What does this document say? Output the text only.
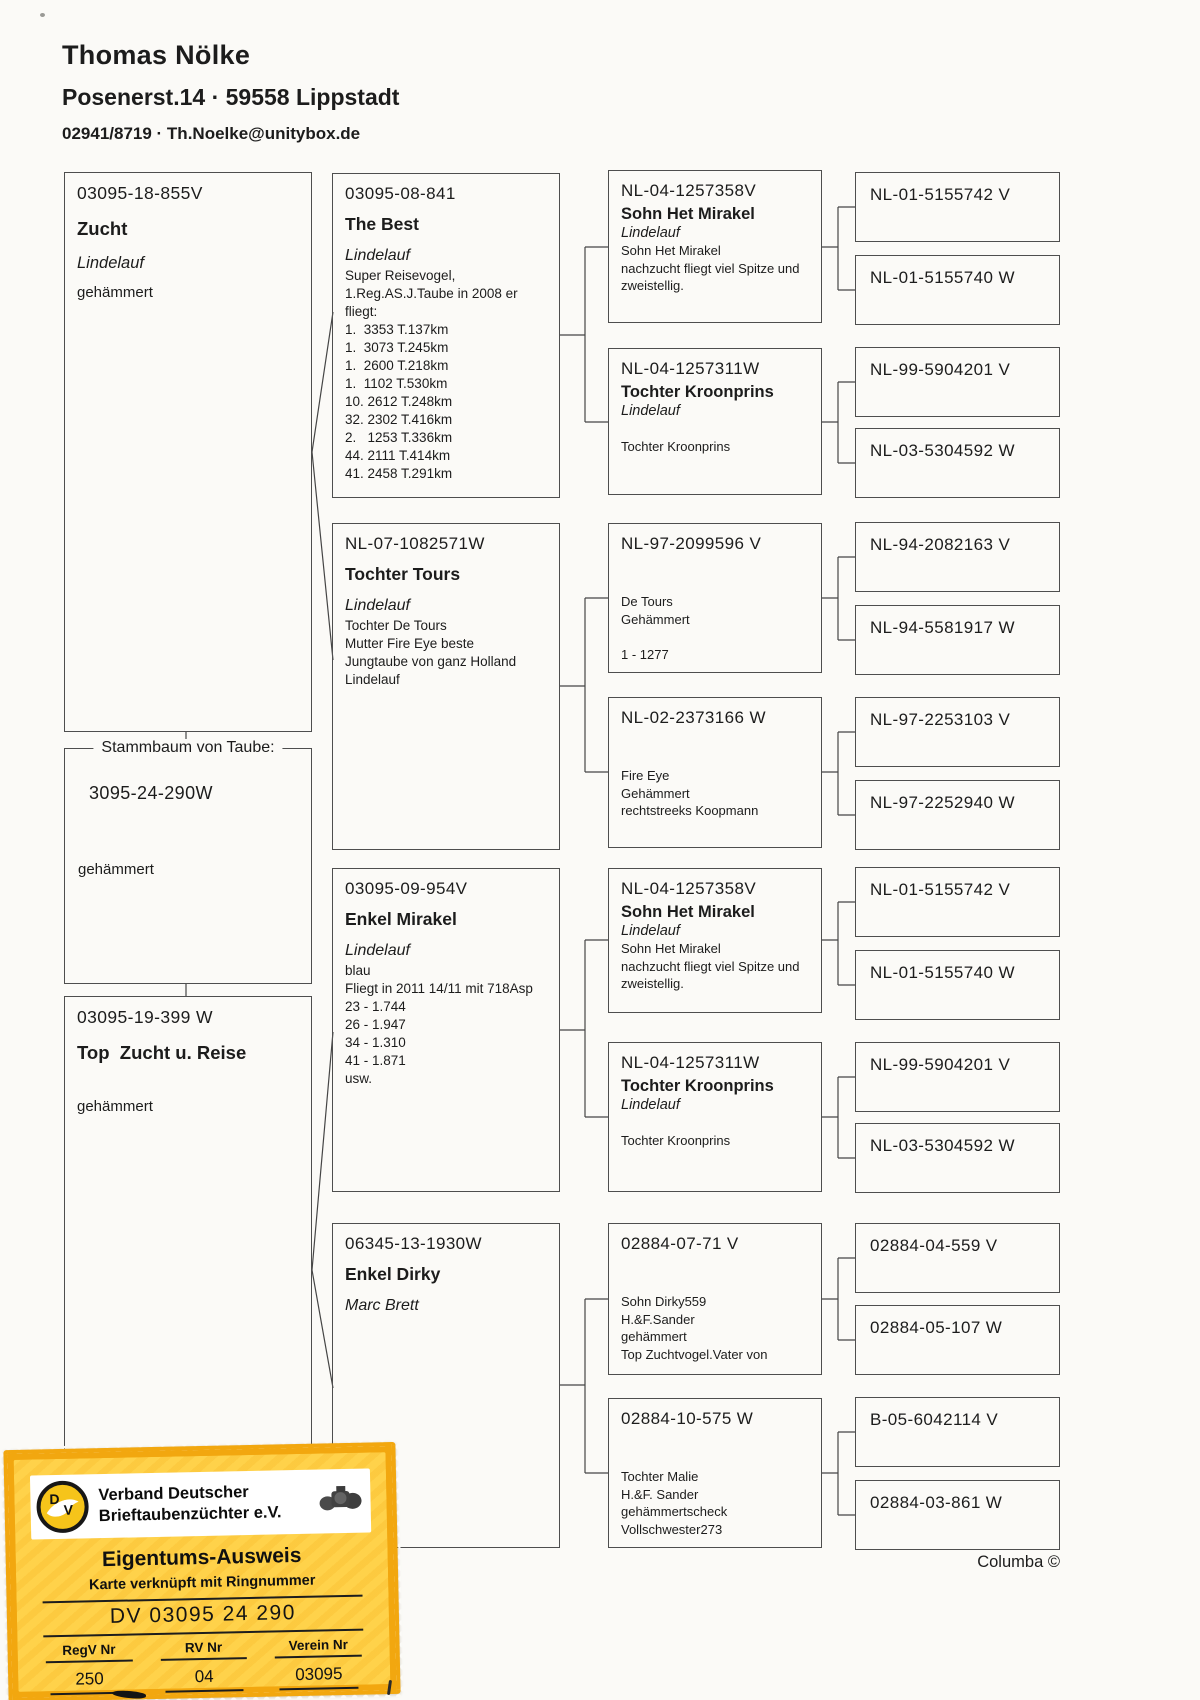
Thomas Nölke
Posenerst.14 · 59558 Lippstadt
02941/8719 · Th.Noelke@unitybox.de
03095-18-855V
Zucht
Lindelauf
gehämmert
Stammbaum von Taube:
3095-24-290W
gehämmert
03095-19-399 W
Top  Zucht u. Reise

gehämmert
03095-08-841
The Best
Lindelauf
Super Reisevogel,
1.Reg.AS.J.Taube in 2008 er
fliegt:
1.  3353 T.137km
1.  3073 T.245km
1.  2600 T.218km
1.  1102 T.530km
10. 2612 T.248km
32. 2302 T.416km
2.   1253 T.336km
44. 2111 T.414km
41. 2458 T.291km
NL-07-1082571W
Tochter Tours
Lindelauf
Tochter De Tours
Mutter Fire Eye beste
Jungtaube von ganz Holland
Lindelauf
03095-09-954V
Enkel Mirakel
Lindelauf
blau
Fliegt in 2011 14/11 mit 718Asp
23 - 1.744
26 - 1.947
34 - 1.310
41 - 1.871
usw.
06345-13-1930W
Enkel Dirky
Marc Brett
NL-04-1257358V
Sohn Het Mirakel
Lindelauf
Sohn Het Mirakel
nachzucht fliegt viel Spitze und
zweistellig.
NL-04-1257311W
Tochter Kroonprins
Lindelauf

Tochter Kroonprins
NL-97-2099596 V

De Tours
Gehämmert

1 - 1277
NL-02-2373166 W

Fire Eye
Gehämmert
rechtstreeks Koopmann
NL-04-1257358V
Sohn Het Mirakel
Lindelauf
Sohn Het Mirakel
nachzucht fliegt viel Spitze und
zweistellig.
NL-04-1257311W
Tochter Kroonprins
Lindelauf

Tochter Kroonprins
02884-07-71 V

Sohn Dirky559
H.&F.Sander
gehämmert
Top Zuchtvogel.Vater von
02884-10-575 W

Tochter Malie
H.&F. Sander
gehämmertscheck
Vollschwester273
NL-01-5155742 V
NL-01-5155740 W
NL-99-5904201 V
NL-03-5304592 W
NL-94-2082163 V
NL-94-5581917 W
NL-97-2253103 V
NL-97-2252940 W
NL-01-5155742 V
NL-01-5155740 W
NL-99-5904201 V
NL-03-5304592 W
02884-04-559 V
02884-05-107 W
B-05-6042114 V
02884-03-861 W
Columba ©
D
V
Verband Deutscher
Brieftaubenzüchter e.V.
Eigentums-Ausweis
Karte verknüpft mit Ringnummer
DV 03095 24 290
RegV Nr
250
RV Nr
04
Verein Nr
03095
